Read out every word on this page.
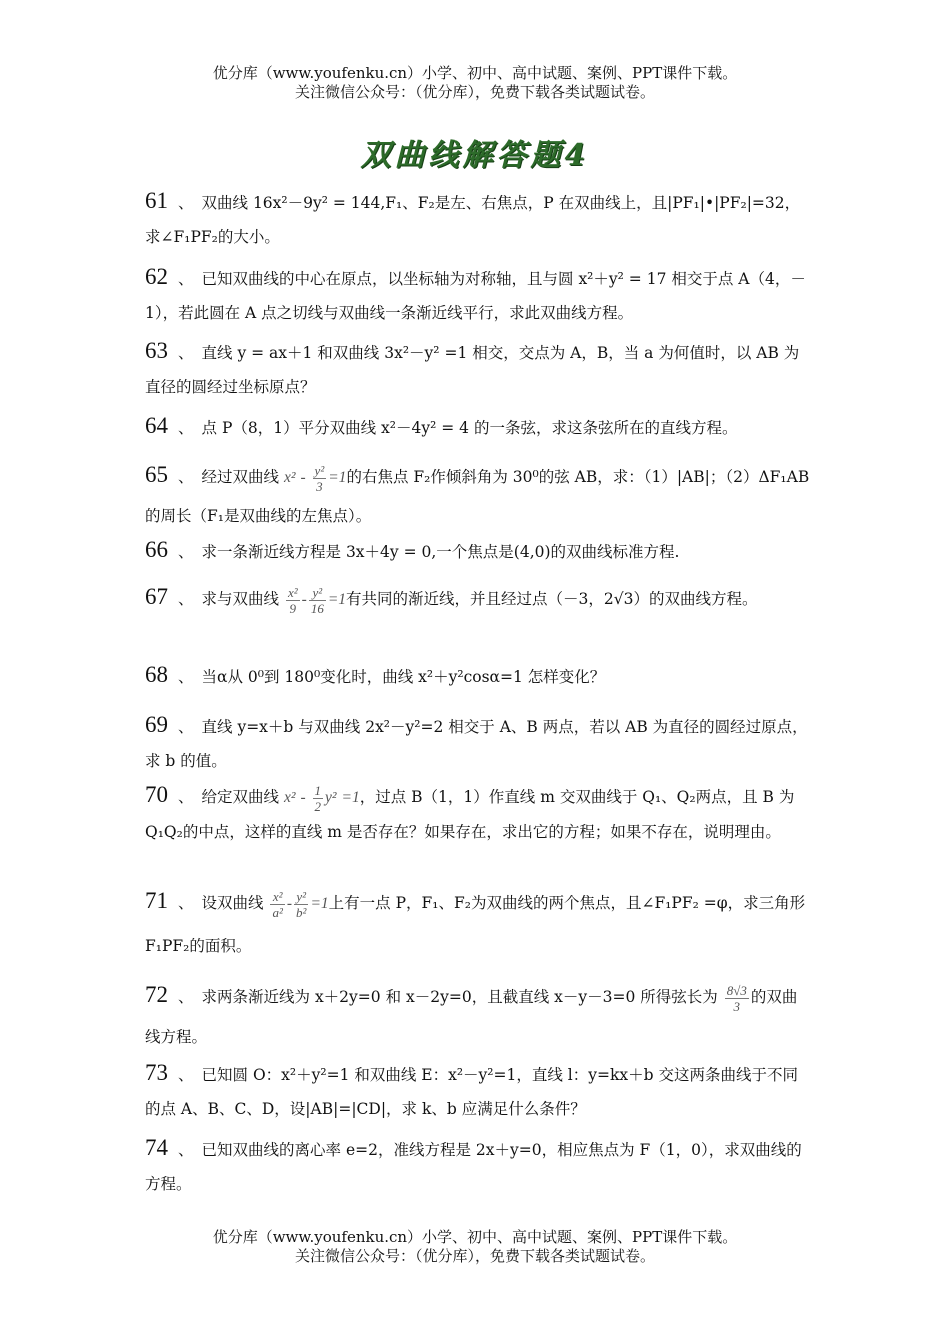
优分库（www.youfenku.cn）小学、初中、高中试题、案例、PPT课件下载。
关注微信公众号：（优分库），免费下载各类试题试卷。
双曲线解答题4
61 、 双曲线 16x²－9y² = 144,F₁、F₂是左、右焦点，P 在双曲线上，且|PF₁|•|PF₂|=32，求∠F₁PF₂的大小。
62 、 已知双曲线的中心在原点，以坐标轴为对称轴，且与圆 x²＋y² = 17 相交于点 A（4，－1），若此圆在 A 点之切线与双曲线一条渐近线平行，求此双曲线方程。
63 、 直线 y = ax＋1 和双曲线 3x²－y² =1 相交，交点为 A，B，当 a 为何值时，以 AB 为直径的圆经过坐标原点？
64 、 点 P（8，1）平分双曲线 x²－4y² = 4 的一条弦，求这条弦所在的直线方程。
65 、 经过双曲线 $x^2 - \frac{\text{y²}}{3} =1$的右焦点 F₂作倾斜角为 30⁰的弦 AB，求：（1）|AB|；（2）ΔF₁AB 的周长（F₁是双曲线的左焦点）。
66 、 求一条渐近线方程是 3x＋4y = 0,一个焦点是(4,0)的双曲线标准方程.
67 、 求与双曲线 $\frac{\text{x²}}{9} - \frac{\text{y²}}{16} =1$有共同的渐近线，并且经过点（－3，2√3）的双曲线方程。
68 、 当α从 0⁰到 180⁰变化时，曲线 x²＋y²cosα=1 怎样变化？
69 、 直线 y=x＋b 与双曲线 2x²－y²=2 相交于 A、B 两点，若以 AB 为直径的圆经过原点，求 b 的值。
70 、 给定双曲线 $x^2 - \frac{1}{2} y^2 =1$，过点 B（1，1）作直线 m 交双曲线于 Q₁、Q₂两点，且 B 为 Q₁Q₂的中点，这样的直线 m 是否存在？如果存在，求出它的方程；如果不存在，说明理由。
71 、 设双曲线 $\frac{\text{x²}}{\text{a²}} - \frac{\text{y²}}{\text{b²}} =1$上有一点 P，F₁、F₂为双曲线的两个焦点，且∠F₁PF₂ =φ，求三角形 F₁PF₂的面积。
72 、 求两条渐近线为 x＋2y=0 和 x－2y=0，且截直线 x－y－3=0 所得弦长为 $\frac{8√3}{3}$ 的双曲线方程。
73 、 已知圆 O：x²＋y²=1 和双曲线 E：x²－y²=1，直线 l：y=kx＋b 交这两条曲线于不同的点 A、B、C、D，设|AB|=|CD|，求 k、b 应满足什么条件？
74 、 已知双曲线的离心率 e=2，准线方程是 2x＋y=0，相应焦点为 F（1，0），求双曲线的方程。
优分库（www.youfenku.cn）小学、初中、高中试题、案例、PPT课件下载。
关注微信公众号：（优分库），免费下载各类试题试卷。
